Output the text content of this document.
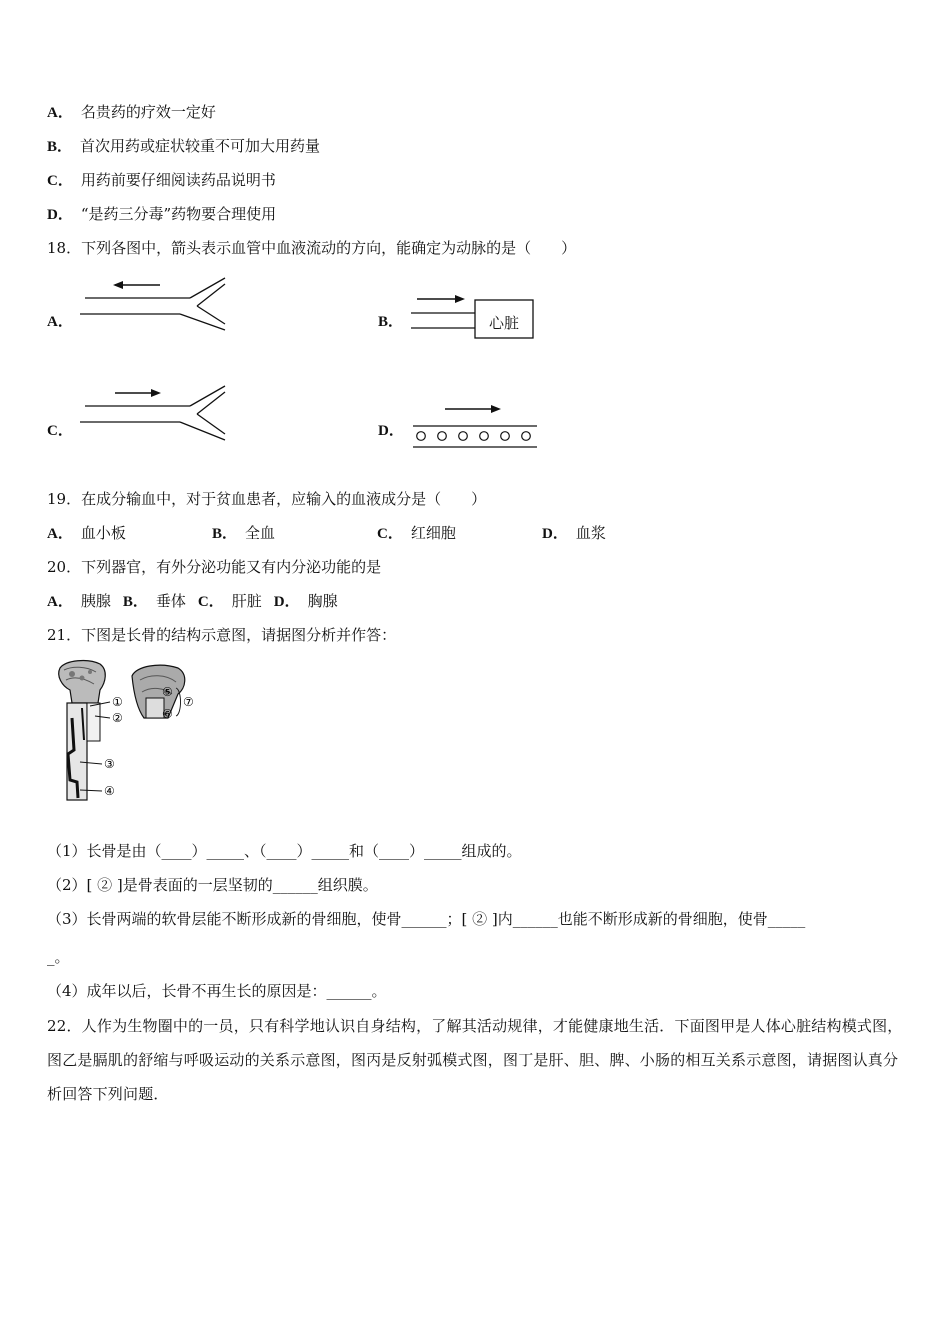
A． 名贵药的疗效一定好
B． 首次用药或症状较重不可加大用药量
C． 用药前要仔细阅读药品说明书
D． “是药三分毒”药物要合理使用
18．下列各图中，箭头表示血管中血液流动的方向，能确定为动脉的是（　　）
A．	B．	心脏
C．	D．
19．在成分输血中，对于贫血患者，应输入的血液成分是（　　）
A． 血小板	B． 全血	C． 红细胞	D． 血浆
20．下列器官，有外分泌功能又有内分泌功能的是
A． 胰腺 B． 垂体 C． 肝脏 D． 胸腺
21．下图是长骨的结构示意图，请据图分析并作答：
①
②
③
④
⑤
⑥
⑦
（1）长骨是由（____）_____、（____）_____和（____）_____组成的。
（2）[ ② ]是骨表面的一层坚韧的______组织膜。
（3）长骨两端的软骨层能不断形成新的骨细胞，使骨______；[ ② ]内______也能不断形成新的骨细胞，使骨_____
_。
（4）成年以后，长骨不再生长的原因是：______。
22．人作为生物圈中的一员，只有科学地认识自身结构，了解其活动规律，才能健康地生活．下面图甲是人体心脏结构模式图，图乙是膈肌的舒缩与呼吸运动的关系示意图，图丙是反射弧模式图，图丁是肝、胆、脾、小肠的相互关系示意图，请据图认真分析回答下列问题．
